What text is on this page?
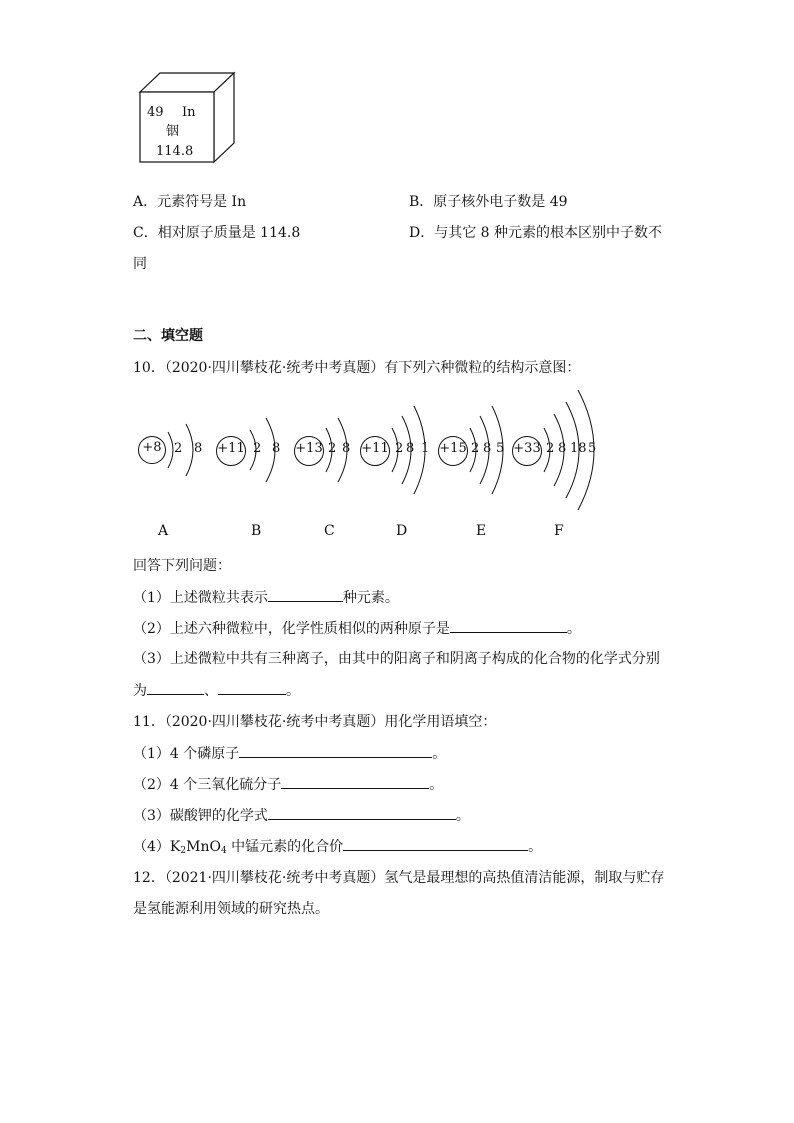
49 In
铟
114.8
A．元素符号是 In	B．原子核外电子数是 49
C．相对原子质量是 114.8	D．与其它 8 种元素的根本区别中子数不
同
二、填空题
10．（2020·四川攀枝花·统考中考真题）有下列六种微粒的结构示意图：
+8 2 8
A
+11 2 8
B
+13 2 8
C
+11 2 8 1
D
+15 2 8 5
E
+33 2 8 18 5
F
回答下列问题：
（1）上述微粒共表示	种元素。
（2）上述六种微粒中，化学性质相似的两种原子是	。
（3）上述微粒中共有三种离子，由其中的阳离子和阴离子构成的化合物的化学式分别
为	、	。
11．（2020·四川攀枝花·统考中考真题）用化学用语填空：
（1）4 个磷原子	。
（2）4 个三氧化硫分子	。
（3）碳酸钾的化学式	。
$(4)K_2MnO_4$ 中锰元素的化合价	。
12．（2021·四川攀枝花·统考中考真题）氢气是最理想的高热值清洁能源，制取与贮存
是氢能源利用领域的研究热点。
